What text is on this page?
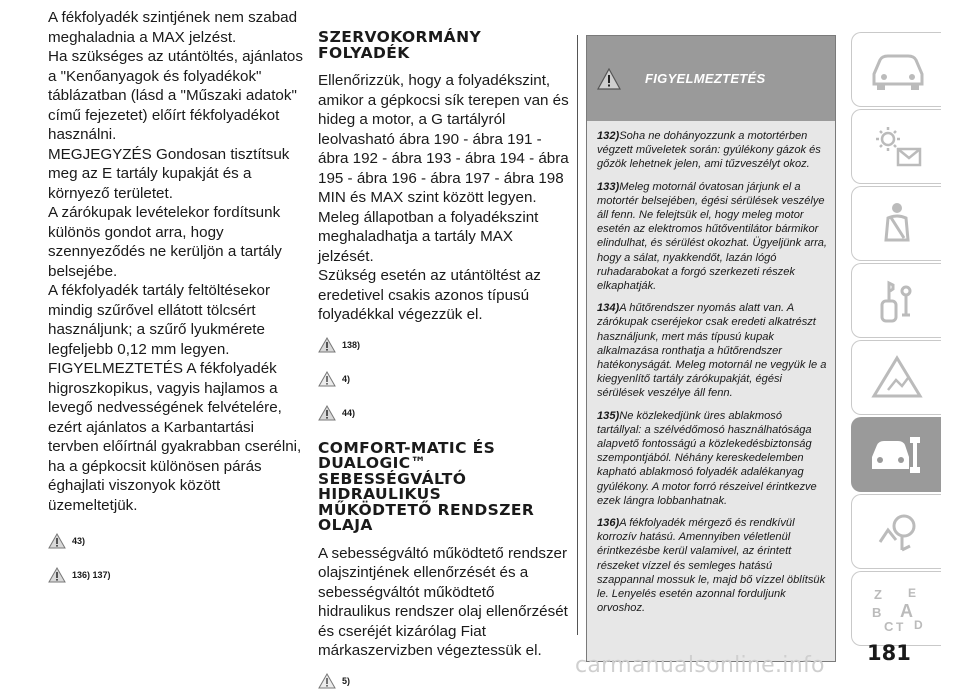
A fékfolyadék szintjének nem szabad meghaladnia a MAX jelzést.

Ha szükséges az utántöltés, ajánlatos a "Kenőanyagok és folyadékok" táblázatban (lásd a "Műszaki adatok" című fejezetet) előírt fékfolyadékot használni.

MEGJEGYZÉS Gondosan tisztítsuk meg az E tartály kupakját és a környező területet.

A zárókupak levételekor fordítsunk különös gondot arra, hogy szennyeződés ne kerüljön a tartály belsejébe.

A fékfolyadék tartály feltöltésekor mindig szűrővel ellátott tölcsért használjunk; a szűrő lyukmérete legfeljebb 0,12 mm legyen.

FIGYELMEZTETÉS A fékfolyadék higroszkopikus, vagyis hajlamos a levegő nedvességének felvételére, ezért ajánlatos a Karbantartási tervben előírtnál gyakrabban cserélni, ha a gépkocsit különösen párás éghajlati viszonyok között üzemeltetjük.

43)
136) 137)
SZERVOKORMÁNY
FOLYADÉK

Ellenőrizzük, hogy a folyadékszint, amikor a gépkocsi sík terepen van és hideg a motor, a G tartályról leolvasható ábra 190 - ábra 191 - ábra 192 - ábra 193 - ábra 194 - ábra 195 - ábra 196 - ábra 197 - ábra 198 MIN és MAX szint között legyen.

Meleg állapotban a folyadékszint meghaladhatja a tartály MAX jelzését.

Szükség esetén az utántöltést az eredetivel csakis azonos típusú folyadékkal végezzük el.

138)
4)
44)
COMFORT-MATIC ÉS
DUALOGIC™
SEBESSÉGVÁLTÓ
HIDRAULIKUS
MŰKÖDTETŐ RENDSZER
OLAJA

A sebességváltó működtető rendszer olajszintjének ellenőrzését és a sebességváltót működtető hidraulikus rendszer olaj ellenőrzését és cseréjét kizárólag Fiat márkaszervizben végeztessük el.

5)
FIGYELMEZTETÉS

132)Soha ne dohányozzunk a motortérben végzett műveletek során: gyúlékony gázok és gőzök lehetnek jelen, ami tűzveszélyt okoz.

133)Meleg motornál óvatosan járjunk el a motortér belsejében, égési sérülések veszélye áll fenn. Ne felejtsük el, hogy meleg motor esetén az elektromos hűtőventilátor bármikor elindulhat, és sérülést okozhat. Ügyeljünk arra, hogy a sálat, nyakkendőt, lazán lógó ruhadarabokat a forgó szerkezeti részek elkaphatják.

134)A hűtőrendszer nyomás alatt van. A zárókupak cseréjekor csak eredeti alkatrészt használjunk, mert más típusú kupak alkalmazása ronthatja a hűtőrendszer hatékonyságát. Meleg motornál ne vegyük le a kiegyenlítő tartály zárókupakját, égési sérülések veszélye áll fenn.

135)Ne közlekedjünk üres ablakmosó tartállyal: a szélvédőmosó használhatósága alapvető fontosságú a közlekedésbiztonság szempontjából. Néhány kereskedelemben kapható ablakmosó folyadék adalékanyag gyúlékony. A motor forró részeivel érintkezve ezek lángra lobbanhatnak.

136)A fékfolyadék mérgező és rendkívül korrozív hatású. Amennyiben véletlenül érintkezésbe kerül valamivel, az érintett részeket vízzel és semleges hatású szappannal mossuk le, majd bő vízzel öblítsük le. Lenyelés esetén azonnal forduljunk orvoshoz.

Z E
B A
C T D
181
carmanualsonline.info
